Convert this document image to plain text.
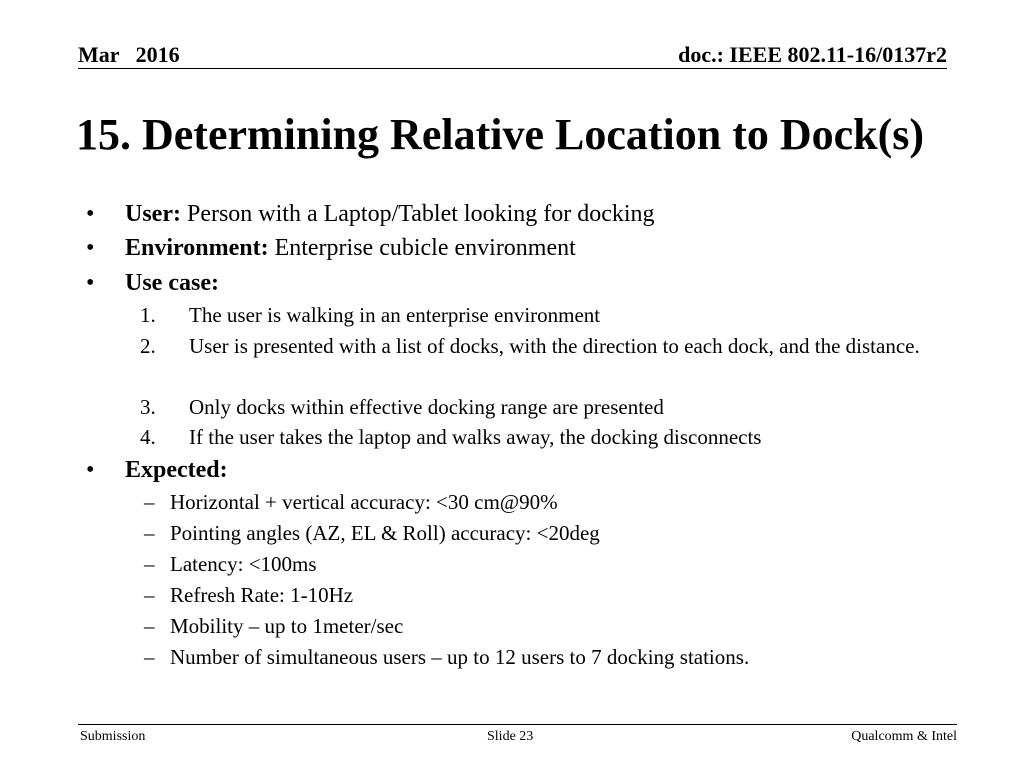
Mar   2016	doc.: IEEE 802.11-16/0137r2
15. Determining Relative Location to Dock(s)
• User: Person with a Laptop/Tablet looking for docking
• Environment: Enterprise cubicle environment
• Use case:
1. The user is walking in an enterprise environment
2. User is presented with a list of docks, with the direction to each dock, and the distance.
3. Only docks within effective docking range are presented
4. If the user takes the laptop and walks away, the docking disconnects
• Expected:
– Horizontal + vertical accuracy: <30 cm@90%
– Pointing angles (AZ, EL & Roll) accuracy: <20deg
– Latency: <100ms
– Refresh Rate: 1-10Hz
– Mobility – up to 1meter/sec
– Number of simultaneous users – up to 12 users to 7 docking stations.
Submission	Slide 23	Qualcomm & Intel
